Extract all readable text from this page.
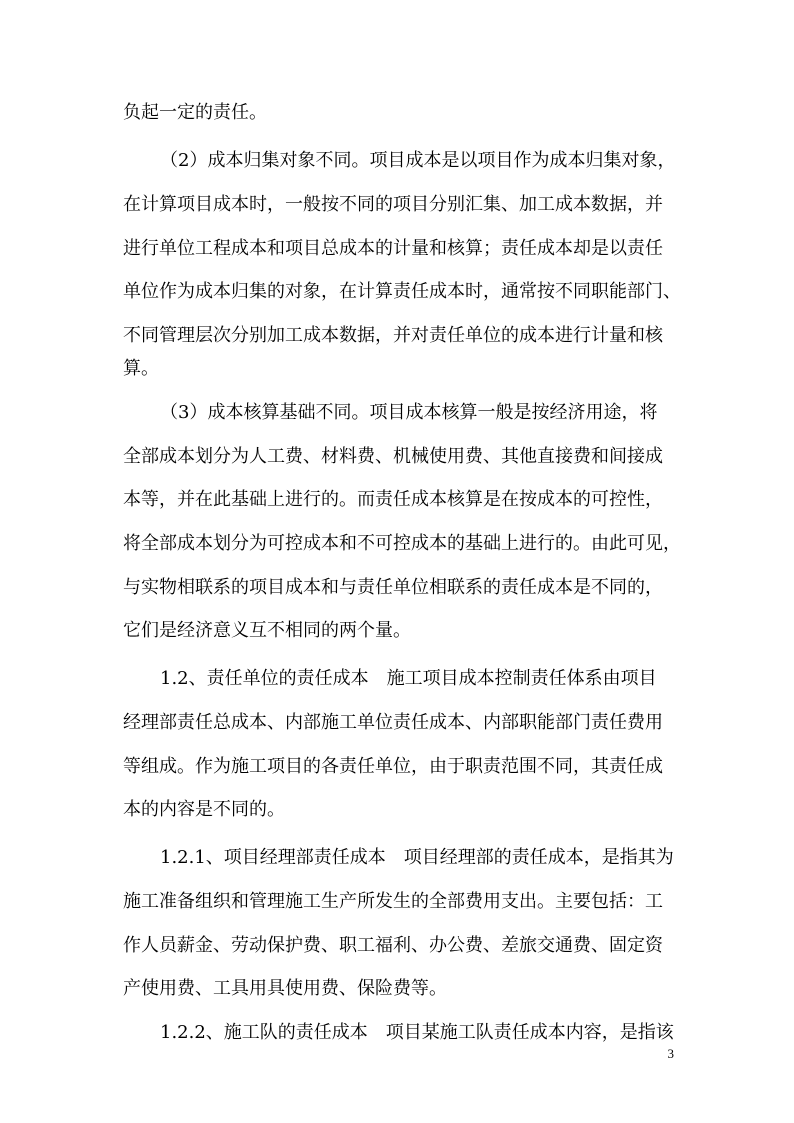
负起一定的责任。
（2）成本归集对象不同。项目成本是以项目作为成本归集对象，
在计算项目成本时，一般按不同的项目分别汇集、加工成本数据，并
进行单位工程成本和项目总成本的计量和核算；责任成本却是以责任
单位作为成本归集的对象，在计算责任成本时，通常按不同职能部门、
不同管理层次分别加工成本数据，并对责任单位的成本进行计量和核
算。
（3）成本核算基础不同。项目成本核算一般是按经济用途，将
全部成本划分为人工费、材料费、机械使用费、其他直接费和间接成
本等，并在此基础上进行的。而责任成本核算是在按成本的可控性，
将全部成本划分为可控成本和不可控成本的基础上进行的。由此可见，
与实物相联系的项目成本和与责任单位相联系的责任成本是不同的，
它们是经济意义互不相同的两个量。
1.2、责任单位的责任成本　施工项目成本控制责任体系由项目
经理部责任总成本、内部施工单位责任成本、内部职能部门责任费用
等组成。作为施工项目的各责任单位，由于职责范围不同，其责任成
本的内容是不同的。
1.2.1、项目经理部责任成本　项目经理部的责任成本，是指其为
施工准备组织和管理施工生产所发生的全部费用支出。主要包括：工
作人员薪金、劳动保护费、职工福利、办公费、差旅交通费、固定资
产使用费、工具用具使用费、保险费等。
1.2.2、施工队的责任成本　项目某施工队责任成本内容，是指该
3
